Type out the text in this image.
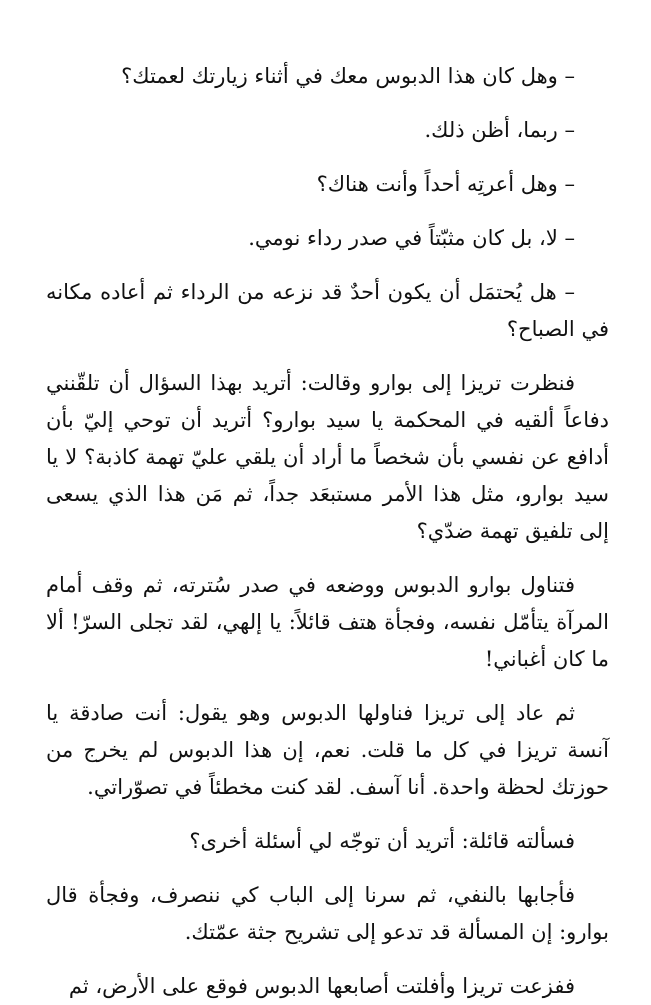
– وهل كان هذا الدبوس معك في أثناء زيارتك لعمتك؟

– ربما، أظن ذلك.

– وهل أعرتِه أحداً وأنت هناك؟

– لا، بل كان مثبّتاً في صدر رداء نومي.

– هل يُحتمَل أن يكون أحدٌ قد نزعه من الرداء ثم أعاده مكانه في الصباح؟

فنظرت تريزا إلى بوارو وقالت: أتريد بهذا السؤال أن تلقّنني دفاعاً ألقيه في المحكمة يا سيد بوارو؟ أتريد أن توحي إليّ بأن أدافع عن نفسي بأن شخصاً ما أراد أن يلقي عليّ تهمة كاذبة؟ لا يا سيد بوارو، مثل هذا الأمر مستبعَد جداً، ثم مَن هذا الذي يسعى إلى تلفيق تهمة ضدّي؟

فتناول بوارو الدبوس ووضعه في صدر سُترته، ثم وقف أمام المرآة يتأمّل نفسه، وفجأة هتف قائلاً: يا إلهي، لقد تجلى السرّ! ألا ما كان أغباني!

ثم عاد إلى تريزا فناولها الدبوس وهو يقول: أنت صادقة يا آنسة تريزا في كل ما قلت. نعم، إن هذا الدبوس لم يخرج من حوزتك لحظة واحدة. أنا آسف. لقد كنت مخطئاً في تصوّراتي.

فسألته قائلة: أتريد أن توجّه لي أسئلة أخرى؟

فأجابها بالنفي، ثم سرنا إلى الباب كي ننصرف، وفجأة قال بوارو: إن المسألة قد تدعو إلى تشريح جثة عمّتك.

ففزعت تريزا وأفلتت أصابعها الدبوس فوقع على الأرض، ثم
